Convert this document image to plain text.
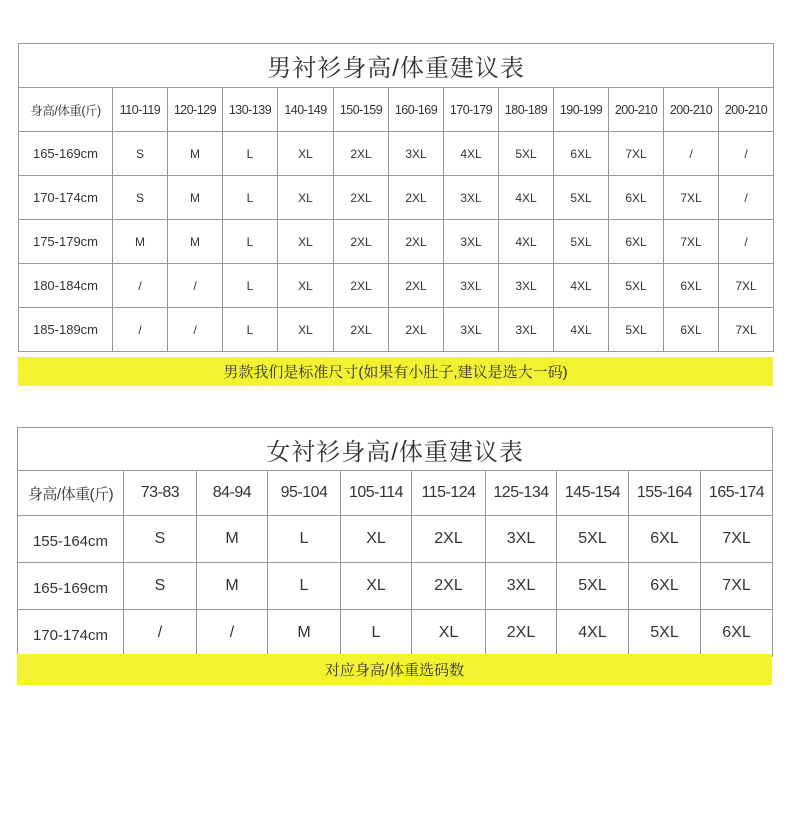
男衬衫身高/体重建议表												
身高/体重(斤)	110-119	120-129	130-139	140-149	150-159	160-169	170-179	180-189	190-199	200-210	200-210	200-210
165-169cm	S	M	L	XL	2XL	3XL	4XL	5XL	6XL	7XL	/	/
170-174cm	S	M	L	XL	2XL	2XL	3XL	4XL	5XL	6XL	7XL	/
175-179cm	M	M	L	XL	2XL	2XL	3XL	4XL	5XL	6XL	7XL	/
180-184cm	/	/	L	XL	2XL	2XL	3XL	3XL	4XL	5XL	6XL	7XL
185-189cm	/	/	L	XL	2XL	2XL	3XL	3XL	4XL	5XL	6XL	7XL
男款我们是标准尺寸(如果有小肚子,建议是选大一码)
女衬衫身高/体重建议表									
身高/体重(斤)	73-83	84-94	95-104	105-114	115-124	125-134	145-154	155-164	165-174
155-164cm	S	M	L	XL	2XL	3XL	5XL	6XL	7XL
165-169cm	S	M	L	XL	2XL	3XL	5XL	6XL	7XL
170-174cm	/	/	M	L	XL	2XL	4XL	5XL	6XL
对应身高/体重选码数
